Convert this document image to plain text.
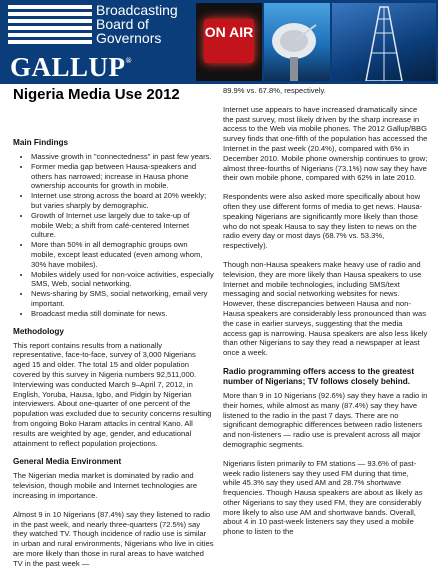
Broadcasting
Board of
Governors
GALLUP®
ON AIR
Nigeria Media Use 2012
Main Findings
• Massive growth in "connectedness" in past few years.
• Former media gap between Hausa-speakers and others has narrowed; increase in Hausa phone ownership accounts for growth in mobile.
• Internet use strong across the board at 20% weekly; but varies sharply by demographic.
• Growth of Internet use largely due to take-up of mobile Web; a shift from café-centered Internet culture.
• More than 50% in all demographic groups own mobile, except least educated (even among whom, 30% have mobiles).
• Mobiles widely used for non-voice activities, especially SMS, Web, social networking.
• News-sharing by SMS, social networking, email very important.
• Broadcast media still dominate for news.
Methodology

This report contains results from a nationally representative, face-to-face, survey of 3,000 Nigerians aged 15 and older. The total 15 and older population covered by this survey in Nigeria numbers 92,511,000. Interviewing was conducted March 9–April 7, 2012, in English, Yoruba, Hausa, Igbo, and Pidgin by Nigerian interviewers. About one-quarter of one percent of the population was excluded due to security concerns resulting from ongoing Boko Haram attacks in central Kano. All results are weighted by age, gender, and educational attainment to reflect population projections.

General Media Environment

The Nigerian media market is dominated by radio and television, though mobile and Internet technologies are increasing in importance.

Almost 9 in 10 Nigerians (87.4%) say they listened to radio in the past week, and nearly three-quarters (72.5%) say they watched TV. Though incidence of radio use is similar in urban and rural environments, Nigerians who live in cities are more likely than those in rural areas to have watched TV in the past week —

89.9% vs. 67.8%, respectively.

Internet use appears to have increased dramatically since the past survey, most likely driven by the sharp increase in access to the Web via mobile phones. The 2012 Gallup/BBG survey finds that one-fifth of the population has accessed the Internet in the past week (20.4%), compared with 6% in December 2010. Mobile phone ownership continues to grow; almost three-fourths of Nigerians (73.1%) now say they have their own mobile phone, compared with 62% in late 2010.

Respondents were also asked more specifically about how often they use different forms of media to get news. Hausa-speaking Nigerians are significantly more likely than those who do not speak Hausa to say they listen to news on the radio every day or most days (68.7% vs. 53.3%, respectively).

Though non-Hausa speakers make heavy use of radio and television, they are more likely than Hausa speakers to use Internet and mobile technologies, including SMS/text messaging and social networking websites for news. However, these discrepancies between Hausa and non-Hausa speakers are considerably less pronounced than was the case in earlier surveys, suggesting that the media access gap is narrowing. Hausa speakers are also less likely than other Nigerians to say they read a newspaper at least once a week.

Radio programming offers access to the greatest number of Nigerians; TV follows closely behind.

More than 9 in 10 Nigerians (92.6%) say they have a radio in their homes, while almost as many (87.4%) say they have listened to the radio in the past 7 days. There are no significant demographic differences between radio listeners and non-listeners — radio use is prevalent across all major demographic segments.

Nigerians listen primarily to FM stations — 93.6% of past-week radio listeners say they used FM during that time, while 45.3% say they used AM and 28.7% shortwave frequencies. Though Hausa speakers are about as likely as other Nigerians to say they used FM, they are considerably more likely to also use AM and shortwave bands. Overall, about 4 in 10 past-week listeners say they used a mobile phone to listen to the
